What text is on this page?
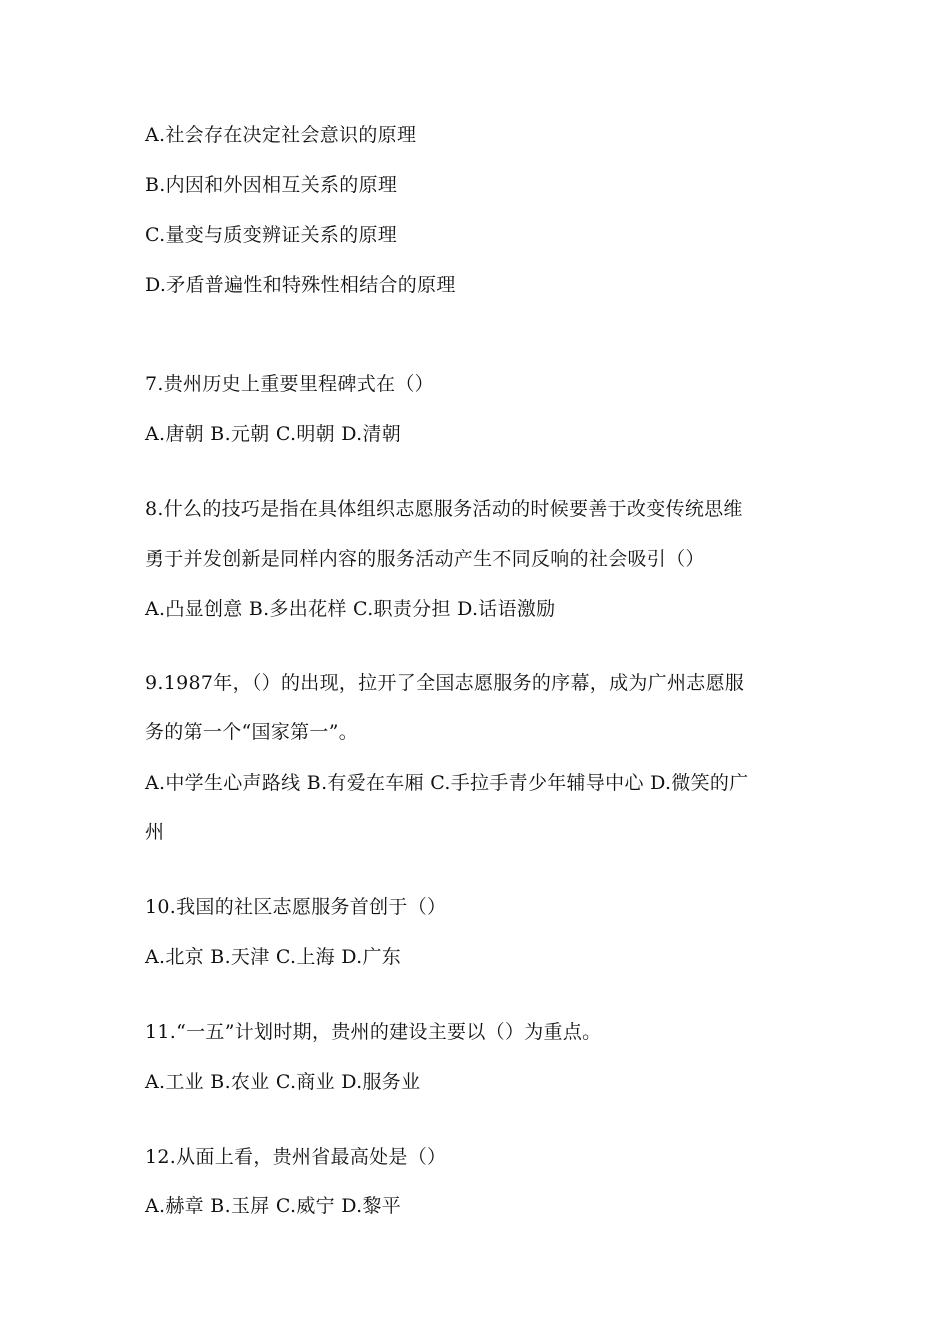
A.社会存在决定社会意识的原理
B.内因和外因相互关系的原理
C.量变与质变辨证关系的原理
D.矛盾普遍性和特殊性相结合的原理
7.贵州历史上重要里程碑式在（）
A.唐朝 B.元朝 C.明朝 D.清朝
8.什么的技巧是指在具体组织志愿服务活动的时候要善于改变传统思维
勇于并发创新是同样内容的服务活动产生不同反响的社会吸引（）
A.凸显创意 B.多出花样 C.职责分担 D.话语激励
9.1987年，（）的出现，拉开了全国志愿服务的序幕，成为广州志愿服
务的第一个“国家第一”。
A.中学生心声路线 B.有爱在车厢 C.手拉手青少年辅导中心 D.微笑的广
州
10.我国的社区志愿服务首创于（）
A.北京 B.天津 C.上海 D.广东
11.“一五”计划时期，贵州的建设主要以（）为重点。
A.工业 B.农业 C.商业 D.服务业
12.从面上看，贵州省最高处是（）
A.赫章 B.玉屏 C.威宁 D.黎平
